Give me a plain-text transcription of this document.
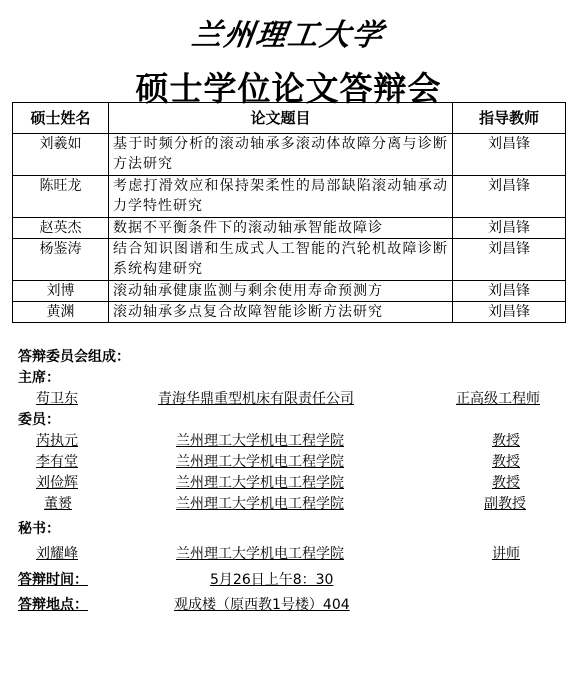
兰州理工大学
硕士学位论文答辩会
硕士姓名	论文题目	指导教师
刘羲如	基于时频分析的滚动轴承多滚动体故障分离与诊断方法研究	刘昌锋
陈旺龙	考虑打滑效应和保持架柔性的局部缺陷滚动轴承动力学特性研究	刘昌锋
赵英杰	数据不平衡条件下的滚动轴承智能故障诊	刘昌锋
杨鉴涛	结合知识图谱和生成式人工智能的汽轮机故障诊断系统构建研究	刘昌锋
刘博	滚动轴承健康监测与剩余使用寿命预测方	刘昌锋
黄渊	滚动轴承多点复合故障智能诊断方法研究	刘昌锋
答辩委员会组成：
主席：
苟卫东	青海华鼎重型机床有限责任公司	正高级工程师
委员：
芮执元	兰州理工大学机电工程学院	教授
李有堂	兰州理工大学机电工程学院	教授
刘俭辉	兰州理工大学机电工程学院	教授
董赟	兰州理工大学机电工程学院	副教授
秘书：
刘耀峰	兰州理工大学机电工程学院	讲师
答辩时间：	5月26日上午8：30
答辩地点：	观成楼（原西教1号楼）404
